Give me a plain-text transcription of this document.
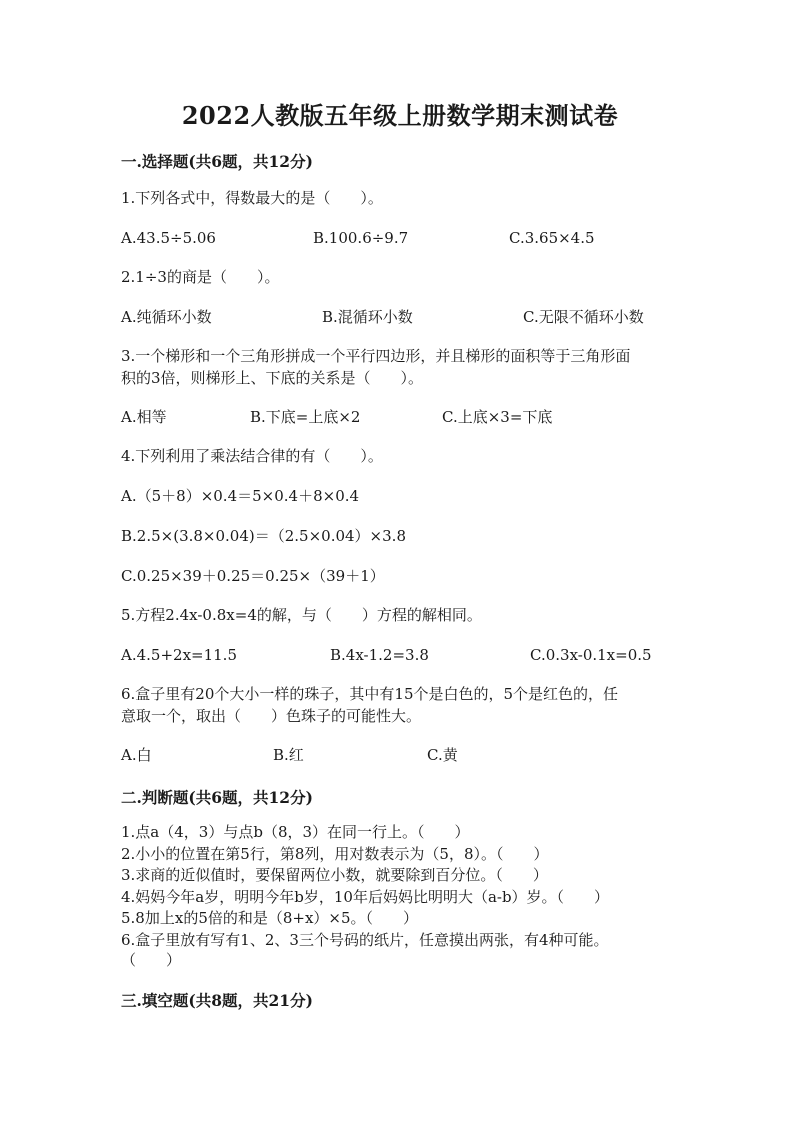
2022人教版五年级上册数学期末测试卷
一.选择题(共6题，共12分)
1.下列各式中，得数最大的是（　　）。
A.43.5÷5.06	B.100.6÷9.7	C.3.65×4.5
2.1÷3的商是（　　）。
A.纯循环小数	B.混循环小数	C.无限不循环小数
3.一个梯形和一个三角形拼成一个平行四边形，并且梯形的面积等于三角形面
积的3倍，则梯形上、下底的关系是（　　）。
A.相等	B.下底=上底×2	C.上底×3=下底
4.下列利用了乘法结合律的有（　　）。
A.（5＋8）×0.4＝5×0.4＋8×0.4
B.2.5×(3.8×0.04)＝（2.5×0.04）×3.8
C.0.25×39＋0.25＝0.25×（39＋1）
5.方程2.4x-0.8x=4的解，与（　　）方程的解相同。
A.4.5+2x=11.5	B.4x-1.2=3.8	C.0.3x-0.1x=0.5
6.盒子里有20个大小一样的珠子，其中有15个是白色的，5个是红色的，任
意取一个，取出（　　）色珠子的可能性大。
A.白	B.红	C.黄
二.判断题(共6题，共12分)
1.点a（4，3）与点b（8，3）在同一行上。（　　）
2.小小的位置在第5行，第8列，用对数表示为（5，8）。（　　）
3.求商的近似值时，要保留两位小数，就要除到百分位。（　　）
4.妈妈今年a岁，明明今年b岁，10年后妈妈比明明大（a-b）岁。（　　）
5.8加上x的5倍的和是（8+x）×5。（　　）
6.盒子里放有写有1、2、3三个号码的纸片，任意摸出两张，有4种可能。
（　　）
三.填空题(共8题，共21分)
